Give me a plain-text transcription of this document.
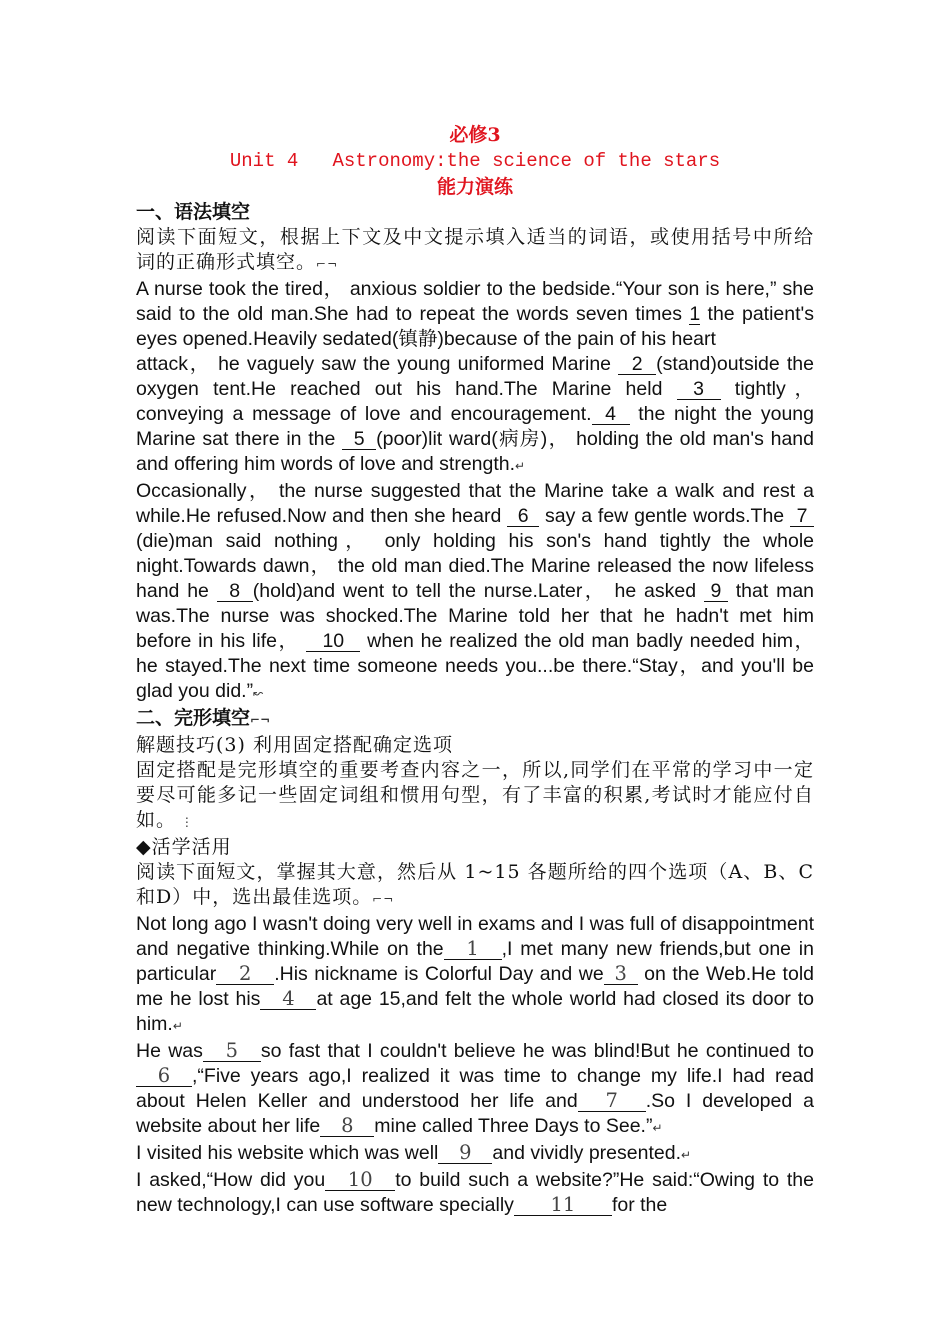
必修3
Unit 4   Astronomy:the science of the stars
能力演练
一、语法填空
阅读下面短文，根据上下文及中文提示填入适当的词语，或使用括号中所给词的正确形式填空。⌐¬
A nurse took the tired， anxious soldier to the bedside.“Your son is here,” she said to the old man.She had to repeat the words seven times 1 the patient's eyes opened.Heavily sedated(镇静)because of the pain of his heart
attack， he vaguely saw the young uniformed Marine 2(stand)outside the oxygen tent.He reached out his hand.The Marine held 3 tightly， conveying a message of love and encouragement.4 the night the young Marine sat there in the 5(poor)lit ward(病房)， holding the old man's hand and offering him words of love and strength.↵
Occasionally， the nurse suggested that the Marine take a walk and rest a while.He refused.Now and then she heard 6 say a few gentle words.The 7(die)man said nothing， only holding his son's hand tightly the whole night.Towards dawn， the old man died.The Marine released the now lifeless hand he 8(hold)and went to tell the nurse.Later， he asked 9 that man was.The nurse was shocked.The Marine told her that he hadn't met him before in his life， 10 when he realized the old man badly needed him， he stayed.The next time someone needs you...be there.“Stay，and you'll be glad you did.”↜
二、完形填空⌐¬
解题技巧(3) 利用固定搭配确定选项
固定搭配是完形填空的重要考查内容之一，所以,同学们在平常的学习中一定要尽可能多记一些固定词组和惯用句型，有了丰富的积累,考试时才能应付自如。 ⋮
◆活学活用
阅读下面短文，掌握其大意，然后从 1~15 各题所给的四个选项（A、B、C和D）中，选出最佳选项。⌐¬
Not long ago I wasn't doing very well in exams and I was full of disappointment and negative thinking.While on the 1 ,I met many new friends,but one in particular 2 .His nickname is Colorful Day and we 3 on the Web.He told me he lost his 4 at age 15,and felt the whole world had closed its door to him.↵
He was 5 so fast that I couldn't believe he was blind!But he continued to6 ,“Five years ago,I realized it was time to change my life.I had read about Helen Keller and understood her life and 7 .So I developed a website about her life 8 mine called Three Days to See.”↵
I visited his website which was well 9 and vividly presented.↵
I asked,“How did you 10 to build such a website?”He said:“Owing to the new technology,I can use software specially 11 for the
